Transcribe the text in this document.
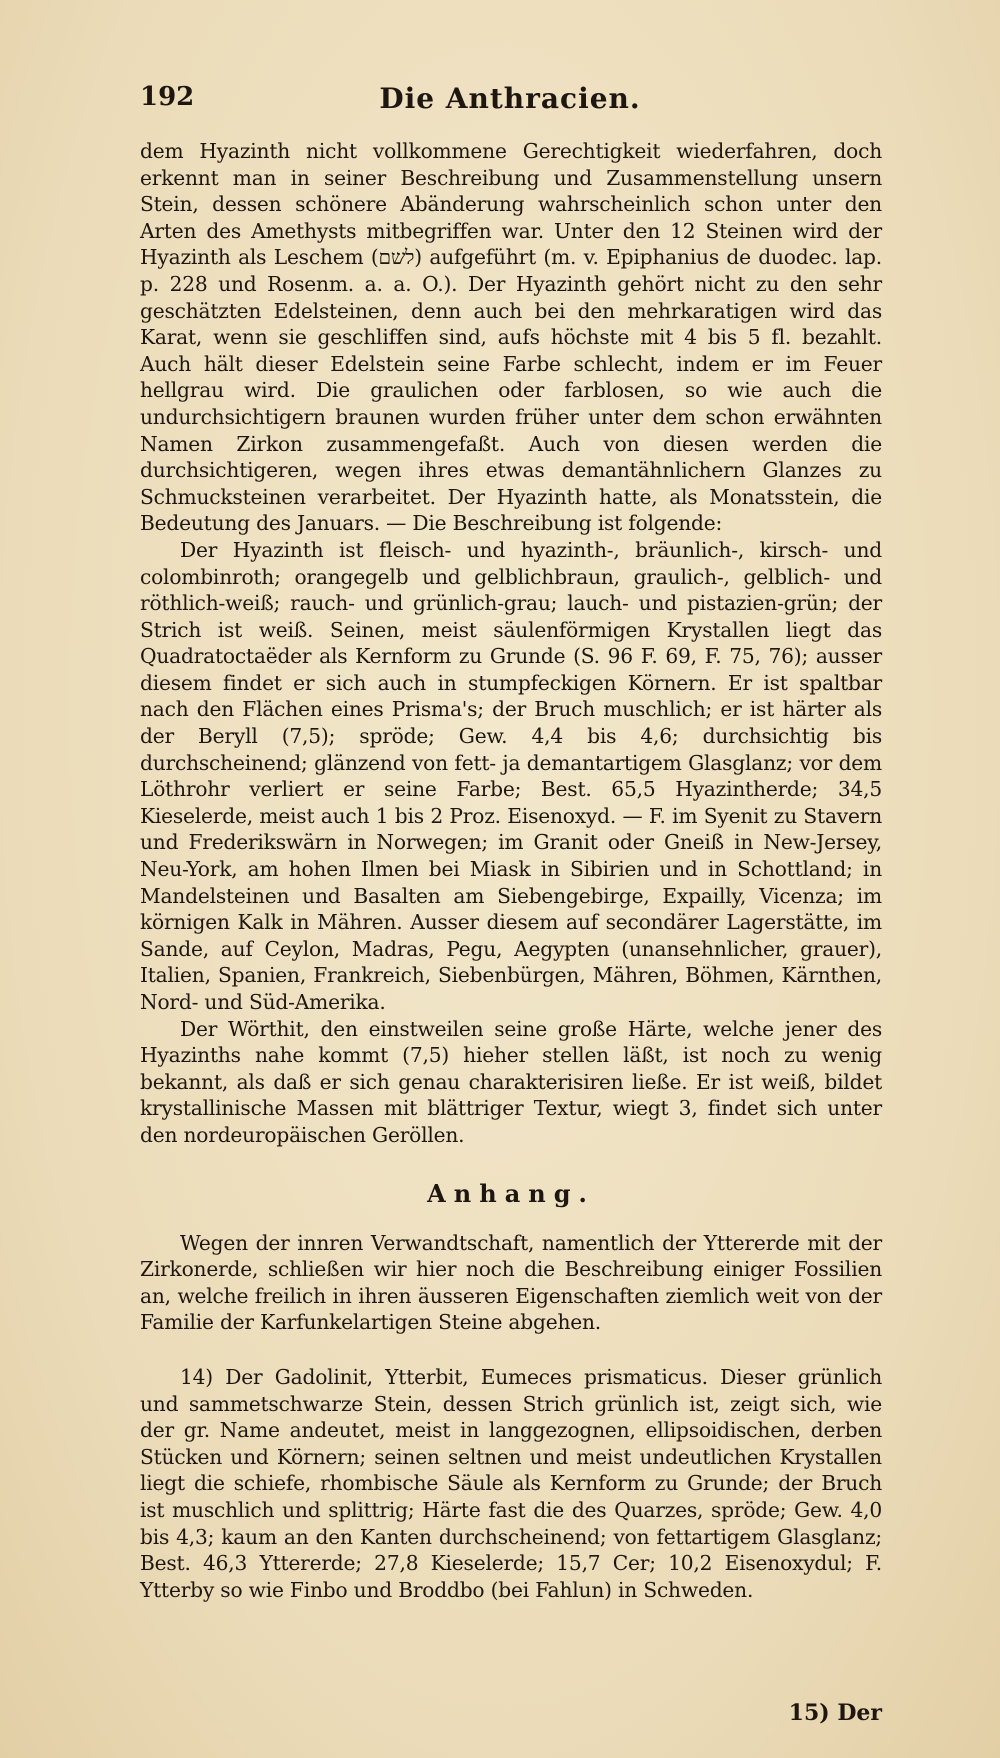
192	Die Anthracien.

dem Hyazinth nicht vollkommene Gerechtigkeit wiederfahren, doch erkennt man in seiner Beschreibung und Zusammenstellung unsern Stein, dessen schönere Abänderung wahrscheinlich schon unter den Arten des Amethysts mitbegriffen war. Unter den 12 Steinen wird der Hyazinth als Leschem (לשם) aufgeführt (m. v. Epiphanius de duodec. lap. p. 228 und Rosenm. a. a. O.). Der Hyazinth gehört nicht zu den sehr geschätzten Edelsteinen, denn auch bei den mehrkaratigen wird das Karat, wenn sie geschliffen sind, aufs höchste mit 4 bis 5 fl. bezahlt. Auch hält dieser Edelstein seine Farbe schlecht, indem er im Feuer hellgrau wird. Die graulichen oder farblosen, so wie auch die undurchsichtigern braunen wurden früher unter dem schon erwähnten Namen Zirkon zusammengefaßt. Auch von diesen werden die durchsichtigeren, wegen ihres etwas demantähnlichern Glanzes zu Schmucksteinen verarbeitet. Der Hyazinth hatte, als Monatsstein, die Bedeutung des Januars. — Die Beschreibung ist folgende:

Der Hyazinth ist fleisch- und hyazinth-, bräunlich-, kirsch- und colombinroth; orangegelb und gelblichbraun, graulich-, gelblich- und röthlich-weiß; rauch- und grünlich-grau; lauch- und pistazien-grün; der Strich ist weiß. Seinen, meist säulenförmigen Krystallen liegt das Quadratoctaëder als Kernform zu Grunde (S. 96 F. 69, F. 75, 76); ausser diesem findet er sich auch in stumpfeckigen Körnern. Er ist spaltbar nach den Flächen eines Prisma's; der Bruch muschlich; er ist härter als der Beryll (7,5); spröde; Gew. 4,4 bis 4,6; durchsichtig bis durchscheinend; glänzend von fett- ja demantartigem Glasglanz; vor dem Löthrohr verliert er seine Farbe; Best. 65,5 Hyazintherde; 34,5 Kieselerde, meist auch 1 bis 2 Proz. Eisenoxyd. — F. im Syenit zu Stavern und Frederikswärn in Norwegen; im Granit oder Gneiß in New-Jersey, Neu-York, am hohen Ilmen bei Miask in Sibirien und in Schottland; in Mandelsteinen und Basalten am Siebengebirge, Expailly, Vicenza; im körnigen Kalk in Mähren. Ausser diesem auf secondärer Lagerstätte, im Sande, auf Ceylon, Madras, Pegu, Aegypten (unansehnlicher, grauer), Italien, Spanien, Frankreich, Siebenbürgen, Mähren, Böhmen, Kärnthen, Nord- und Süd-Amerika.

Der Wörthit, den einstweilen seine große Härte, welche jener des Hyazinths nahe kommt (7,5) hieher stellen läßt, ist noch zu wenig bekannt, als daß er sich genau charakterisiren ließe. Er ist weiß, bildet krystallinische Massen mit blättriger Textur, wiegt 3, findet sich unter den nordeuropäischen Geröllen.

Anhang.

Wegen der innren Verwandtschaft, namentlich der Yttererde mit der Zirkonerde, schließen wir hier noch die Beschreibung einiger Fossilien an, welche freilich in ihren äusseren Eigenschaften ziemlich weit von der Familie der Karfunkelartigen Steine abgehen.

14) Der Gadolinit, Ytterbit, Eumeces prismaticus. Dieser grünlich und sammetschwarze Stein, dessen Strich grünlich ist, zeigt sich, wie der gr. Name andeutet, meist in langgezognen, ellipsoidischen, derben Stücken und Körnern; seinen seltnen und meist undeutlichen Krystallen liegt die schiefe, rhombische Säule als Kernform zu Grunde; der Bruch ist muschlich und splittrig; Härte fast die des Quarzes, spröde; Gew. 4,0 bis 4,3; kaum an den Kanten durchscheinend; von fettartigem Glasglanz; Best. 46,3 Yttererde; 27,8 Kieselerde; 15,7 Cer; 10,2 Eisenoxydul; F. Ytterby so wie Finbo und Broddbo (bei Fahlun) in Schweden.

15) Der
